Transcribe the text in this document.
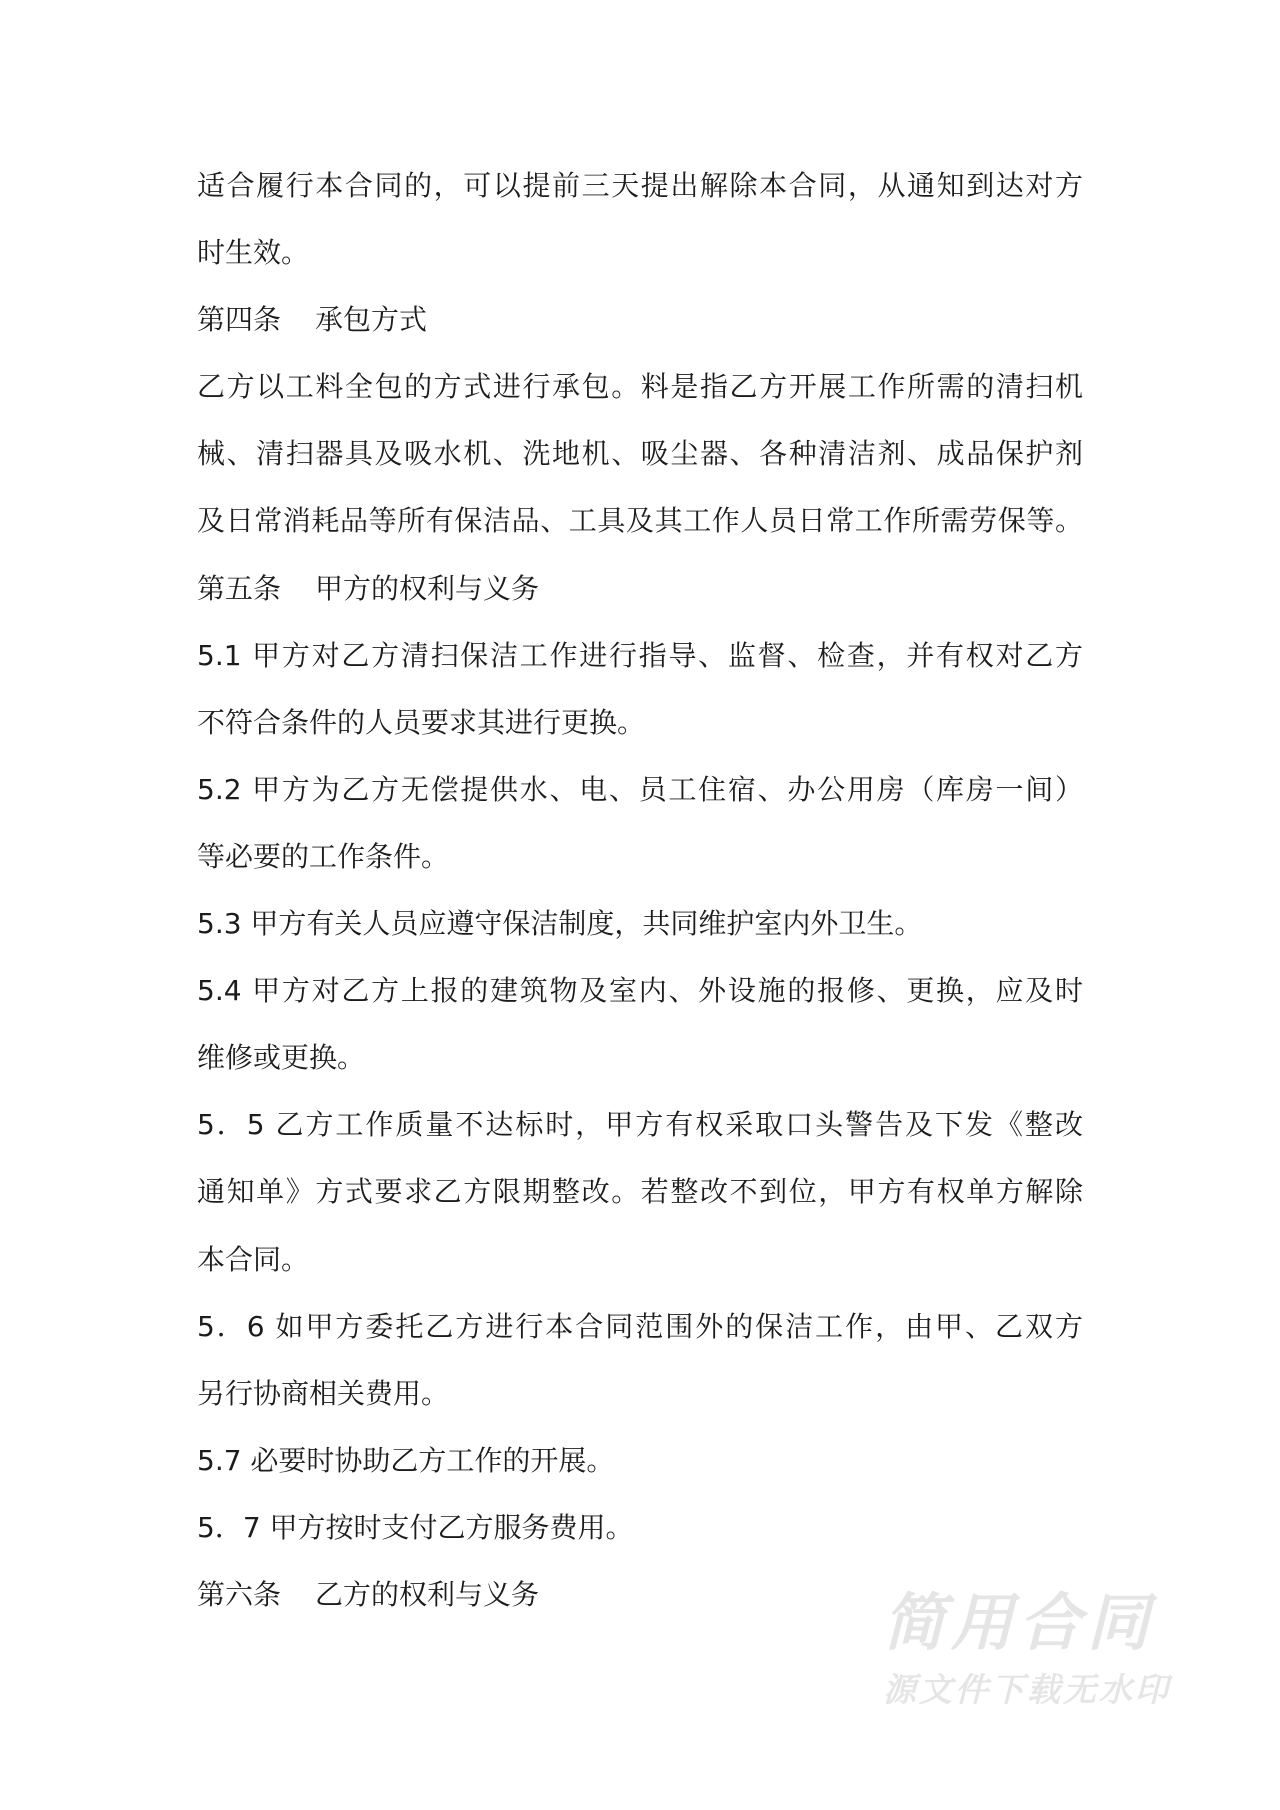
适合履行本合同的，可以提前三天提出解除本合同，从通知到达对方
时生效。
第四条 承包方式
乙方以工料全包的方式进行承包。料是指乙方开展工作所需的清扫机
械、清扫器具及吸水机、洗地机、吸尘器、各种清洁剂、成品保护剂
及日常消耗品等所有保洁品、工具及其工作人员日常工作所需劳保等。
第五条 甲方的权利与义务
5.1 甲方对乙方清扫保洁工作进行指导、监督、检查，并有权对乙方
不符合条件的人员要求其进行更换。
5.2 甲方为乙方无偿提供水、电、员工住宿、办公用房（库房一间）
等必要的工作条件。
5.3 甲方有关人员应遵守保洁制度，共同维护室内外卫生。
5.4 甲方对乙方上报的建筑物及室内、外设施的报修、更换，应及时
维修或更换。
5．5 乙方工作质量不达标时，甲方有权采取口头警告及下发《整改
通知单》方式要求乙方限期整改。若整改不到位，甲方有权单方解除
本合同。
5．6 如甲方委托乙方进行本合同范围外的保洁工作，由甲、乙双方
另行协商相关费用。
5.7 必要时协助乙方工作的开展。
5．7 甲方按时支付乙方服务费用。
第六条 乙方的权利与义务	简用合同
源文件下载无水印
